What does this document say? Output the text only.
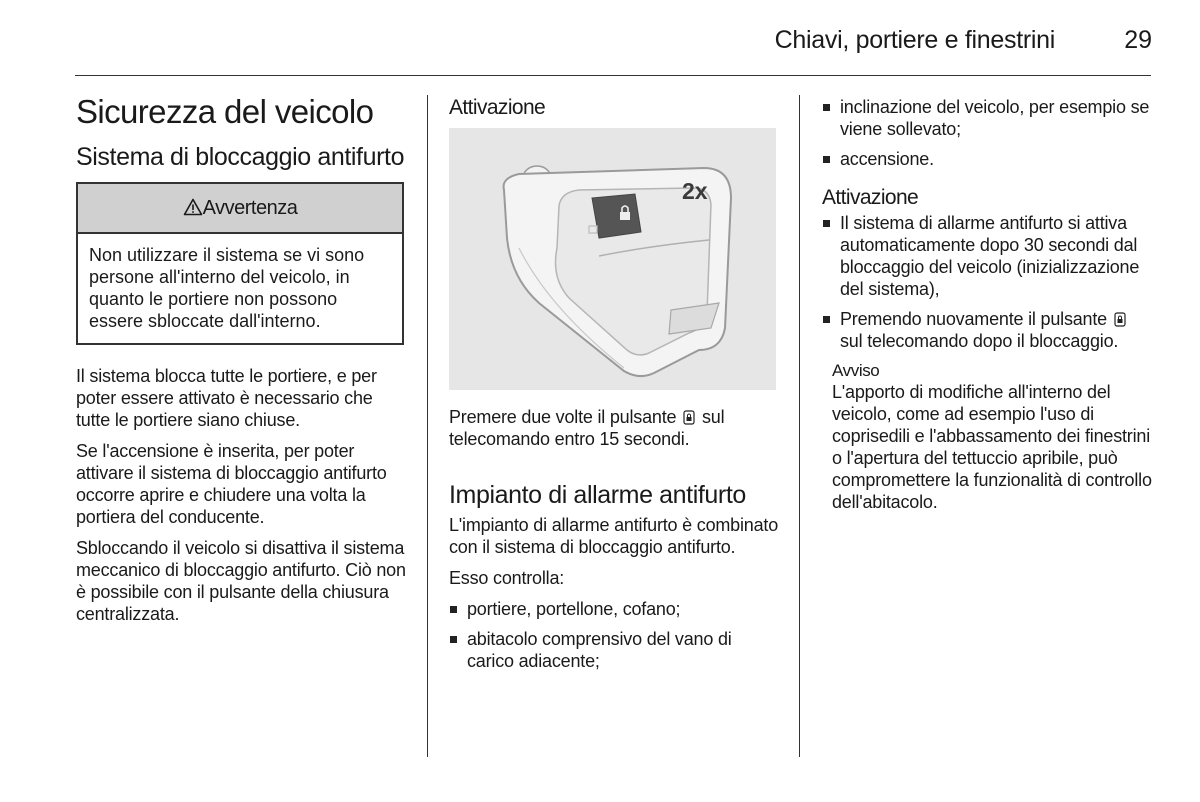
Chiavi, portiere e finestrini	29
Sicurezza del veicolo
Sistema di bloccaggio antifurto
Avvertenza
Non utilizzare il sistema se vi sono persone all'interno del veicolo, in quanto le portiere non possono essere sbloccate dall'interno.

Il sistema blocca tutte le portiere, e per poter essere attivato è necessario che tutte le portiere siano chiuse.

Se l'accensione è inserita, per poter attivare il sistema di bloccaggio antifurto occorre aprire e chiudere una volta la portiera del conducente.

Sbloccando il veicolo si disattiva il sistema meccanico di bloccaggio antifurto. Ciò non è possibile con il pulsante della chiusura centralizzata.

Attivazione
2x

Premere due volte il pulsante sul telecomando entro 15 secondi.

Impianto di allarme antifurto

L'impianto di allarme antifurto è combinato con il sistema di bloccaggio antifurto.

Esso controlla:

portiere, portellone, cofano;
abitacolo comprensivo del vano di carico adiacente;
inclinazione del veicolo, per esempio se viene sollevato;
accensione.
Attivazione
Il sistema di allarme antifurto si attiva automaticamente dopo 30 secondi dal bloccaggio del veicolo (inizializzazione del sistema),
Premendo nuovamente il pulsante  sul telecomando dopo il bloccaggio.
Avviso

L'apporto di modifiche all'interno del veicolo, come ad esempio l'uso di coprisedili e l'abbassamento dei finestrini o l'apertura del tettuccio apribile, può compromettere la funzionalità di controllo dell'abitacolo.
